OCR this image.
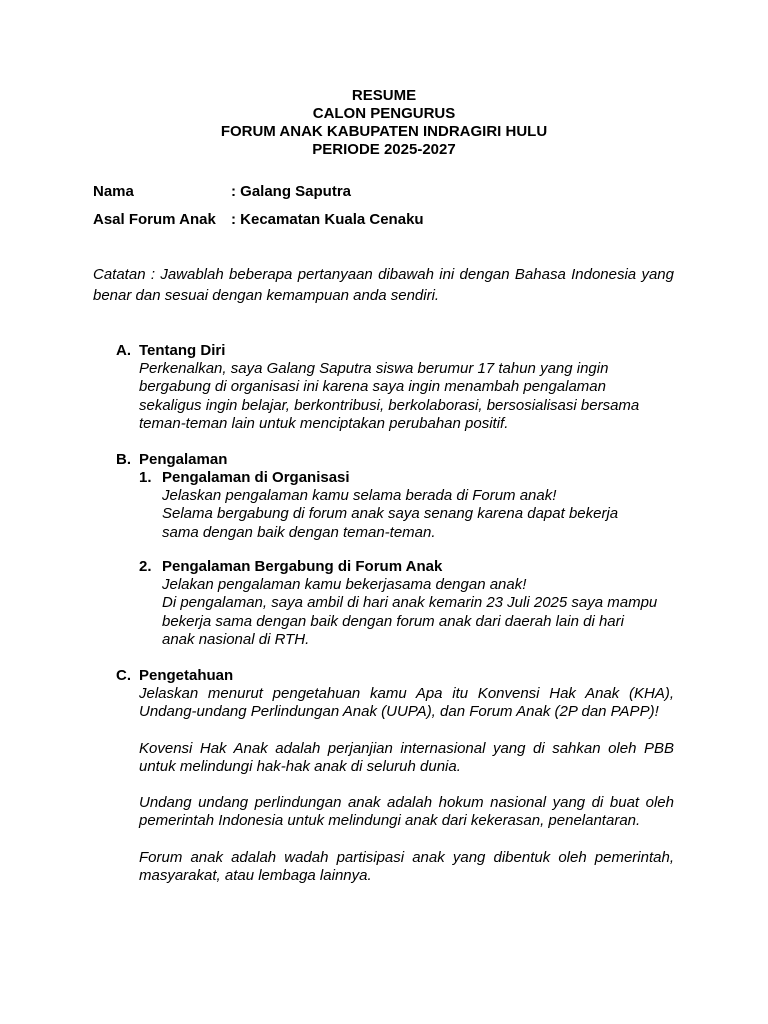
RESUME
CALON PENGURUS
FORUM ANAK KABUPATEN INDRAGIRI HULU
PERIODE 2025-2027
Nama	: Galang Saputra
Asal Forum Anak : Kecamatan Kuala Cenaku
Catatan : Jawablah beberapa pertanyaan dibawah ini dengan Bahasa Indonesia yang benar dan sesuai dengan kemampuan anda sendiri.
A. Tentang Diri
Perkenalkan, saya Galang Saputra siswa berumur 17 tahun yang ingin
bergabung di organisasi ini karena saya ingin menambah pengalaman
sekaligus ingin belajar, berkontribusi, berkolaborasi, bersosialisasi bersama
teman-teman lain untuk menciptakan perubahan positif.
B. Pengalaman
1. Pengalaman di Organisasi
Jelaskan pengalaman kamu selama berada di Forum anak!
Selama bergabung di forum anak saya senang karena dapat bekerja
sama dengan baik dengan teman-teman.
2. Pengalaman Bergabung di Forum Anak
Jelakan pengalaman kamu bekerjasama dengan anak!
Di pengalaman, saya ambil di hari anak kemarin 23 Juli 2025 saya mampu
bekerja sama dengan baik dengan forum anak dari daerah lain di hari
anak nasional di RTH.
C. Pengetahuan
Jelaskan menurut pengetahuan kamu Apa itu Konvensi Hak Anak (KHA), Undang-undang Perlindungan Anak (UUPA), dan Forum Anak (2P dan PAPP)!
Kovensi Hak Anak adalah perjanjian internasional yang di sahkan oleh PBB untuk melindungi hak-hak anak di seluruh dunia.
Undang undang perlindungan anak adalah hokum nasional yang di buat oleh pemerintah Indonesia untuk melindungi anak dari kekerasan, penelantaran.
Forum anak adalah wadah partisipasi anak yang dibentuk oleh pemerintah, masyarakat, atau lembaga lainnya.
